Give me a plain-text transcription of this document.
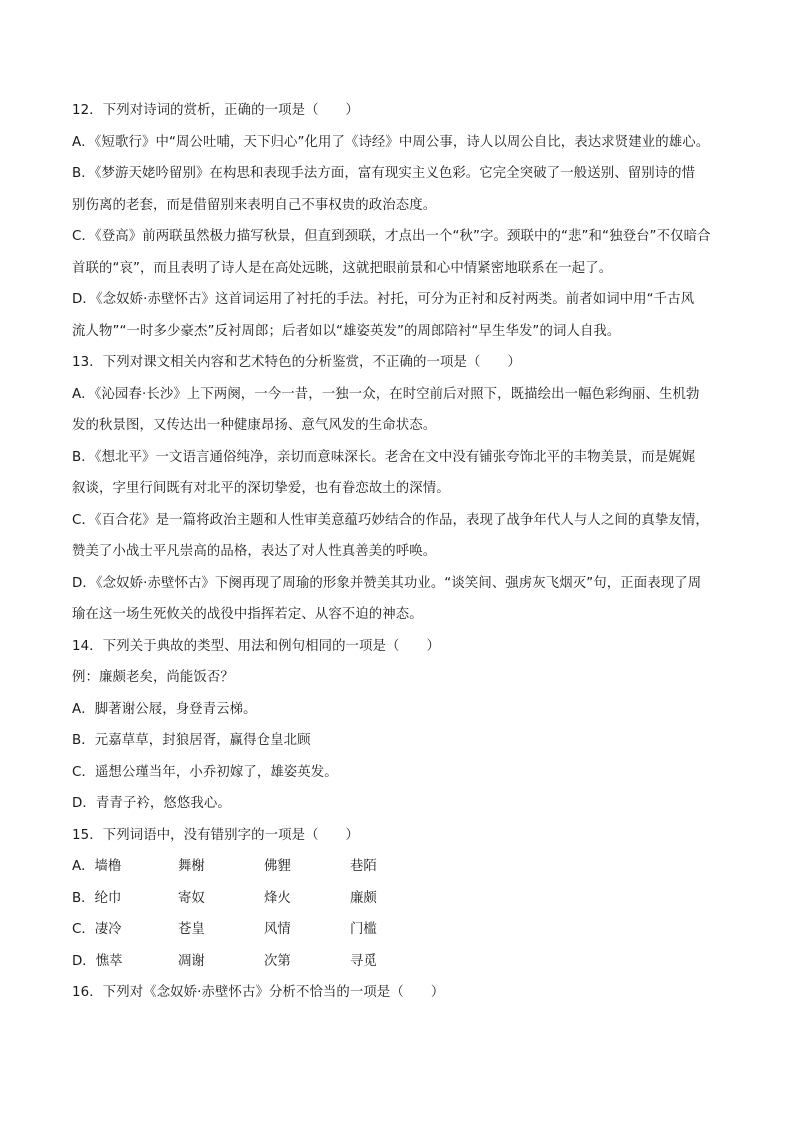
12．下列对诗词的赏析，正确的一项是（　　）
A．《短歌行》中“周公吐哺，天下归心”化用了《诗经》中周公事，诗人以周公自比，表达求贤建业的雄心。
B．《梦游天姥吟留别》在构思和表现手法方面，富有现实主义色彩。它完全突破了一般送别、留别诗的惜
别伤离的老套，而是借留别来表明自己不事权贵的政治态度。
C．《登高》前两联虽然极力描写秋景，但直到颈联，才点出一个“秋”字。颈联中的“悲”和“独登台”不仅暗合
首联的“哀”，而且表明了诗人是在高处远眺，这就把眼前景和心中情紧密地联系在一起了。
D．《念奴娇·赤壁怀古》这首词运用了衬托的手法。衬托，可分为正衬和反衬两类。前者如词中用“千古风
流人物”“一时多少豪杰”反衬周郎；后者如以“雄姿英发”的周郎陪衬“早生华发”的词人自我。
13．下列对课文相关内容和艺术特色的分析鉴赏，不正确的一项是（　　）
A．《沁园春·长沙》上下两阕，一今一昔，一独一众，在时空前后对照下，既描绘出一幅色彩绚丽、生机勃
发的秋景图，又传达出一种健康昂扬、意气风发的生命状态。
B．《想北平》一文语言通俗纯净，亲切而意味深长。老舍在文中没有铺张夸饰北平的丰物美景，而是娓娓
叙谈，字里行间既有对北平的深切挚爱，也有眷恋故土的深情。
C．《百合花》是一篇将政治主题和人性审美意蕴巧妙结合的作品，表现了战争年代人与人之间的真挚友情，
赞美了小战士平凡崇高的品格，表达了对人性真善美的呼唤。
D．《念奴娇·赤壁怀古》下阕再现了周瑜的形象并赞美其功业。“谈笑间、强虏灰飞烟灭”句，正面表现了周
瑜在这一场生死攸关的战役中指挥若定、从容不迫的神态。
14．下列关于典故的类型、用法和例句相同的一项是（　　）
例：廉颇老矣，尚能饭否？
A．脚著谢公屐，身登青云梯。
B．元嘉草草，封狼居胥，赢得仓皇北顾
C．遥想公瑾当年，小乔初嫁了，雄姿英发。
D．青青子衿，悠悠我心。
15．下列词语中，没有错别字的一项是（　　）
A．墙橹	舞榭	佛貍	巷陌
B．纶巾	寄奴	烽火	廉颇
C．凄冷	苍皇	风情	门槛
D．憔萃	凋谢	次第	寻觅
16．下列对《念奴娇·赤壁怀古》分析不恰当的一项是（　　）
